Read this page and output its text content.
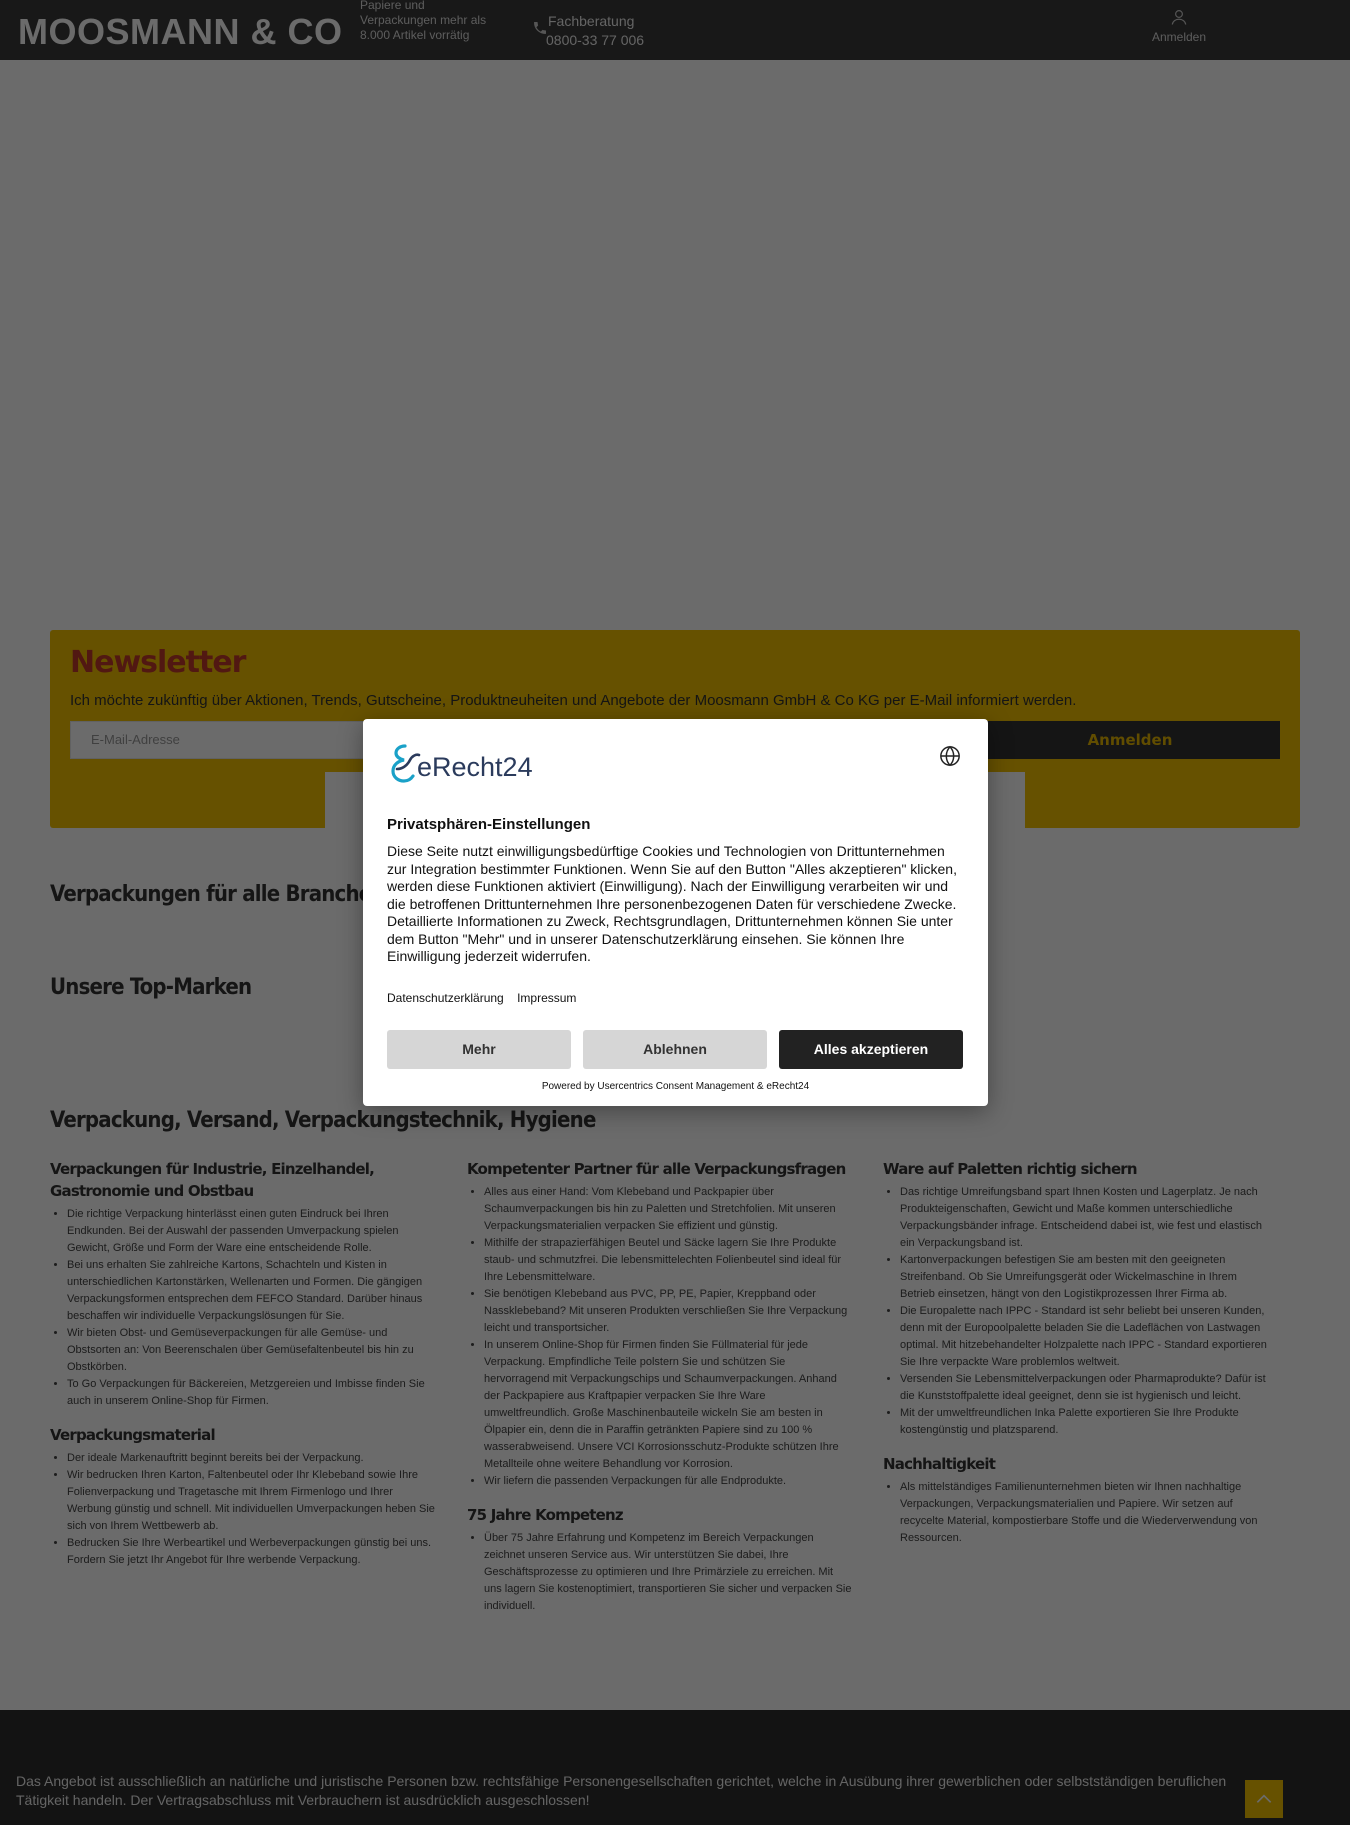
•
•
•
•
•
•
•
•
•
•
•
•
•
•
•
•
•
•
•

eRecht24
Privatsphären-Einstellungen
Diese Seite nutzt einwilligungsbedürftige Cookies und Technologien von Drittunternehmen zur Integration bestimmter Funktionen. Wenn Sie auf den Button "Alles akzeptieren" klicken, werden diese Funktionen aktiviert (Einwilligung). Nach der Einwilligung verarbeiten wir und die betroffenen Drittunternehmen Ihre personenbezogenen Daten für verschiedene Zwecke. Detaillierte Informationen zu Zweck, Rechtsgrundlagen, Drittunternehmen können Sie unter dem Button "Mehr" und in unserer Datenschutzerklärung einsehen. Sie können Ihre Einwilligung jederzeit widerrufen.
Datenschutzerklärung Impressum
Mehr	Ablehnen	Alles akzeptieren
Powered by Usercentrics Consent Management & eRecht24
